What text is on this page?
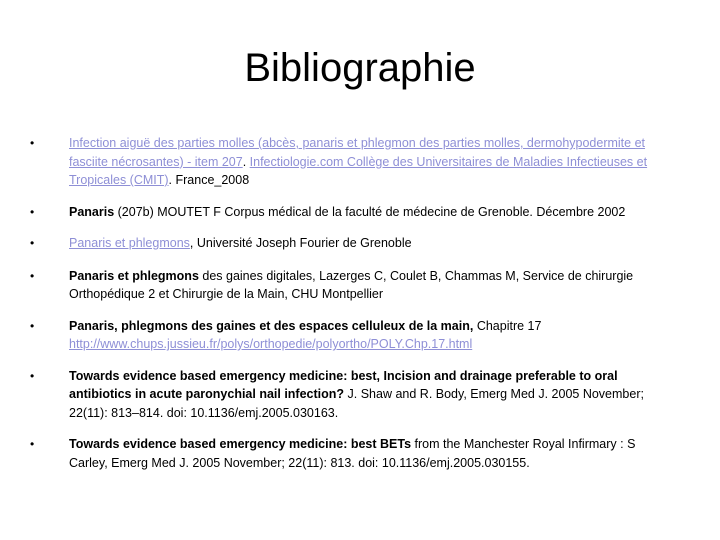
Bibliographie
•	Infection aiguë des parties molles (abcès, panaris et phlegmon des parties molles, dermohypodermite et fasciite nécrosantes) - item 207. Infectiologie.com Collège des Universitaires de Maladies Infectieuses et Tropicales (CMIT). France_2008
•	Panaris (207b) MOUTET F Corpus médical de la faculté de médecine de Grenoble. Décembre 2002
•	Panaris et phlegmons, Université Joseph Fourier de Grenoble
•	Panaris et phlegmons des gaines digitales, Lazerges C, Coulet B, Chammas M, Service de chirurgie Orthopédique 2 et Chirurgie de la Main, CHU Montpellier
•	Panaris, phlegmons des gaines et des espaces celluleux de la main, Chapitre 17 http://www.chups.jussieu.fr/polys/orthopedie/polyortho/POLY.Chp.17.html
•	Towards evidence based emergency medicine: best, Incision and drainage preferable to oral antibiotics in acute paronychial nail infection? J. Shaw and R. Body, Emerg Med J. 2005 November; 22(11): 813–814. doi: 10.1136/emj.2005.030163.
•	Towards evidence based emergency medicine: best BETs from the Manchester Royal Infirmary : S Carley, Emerg Med J. 2005 November; 22(11): 813. doi: 10.1136/emj.2005.030155.
